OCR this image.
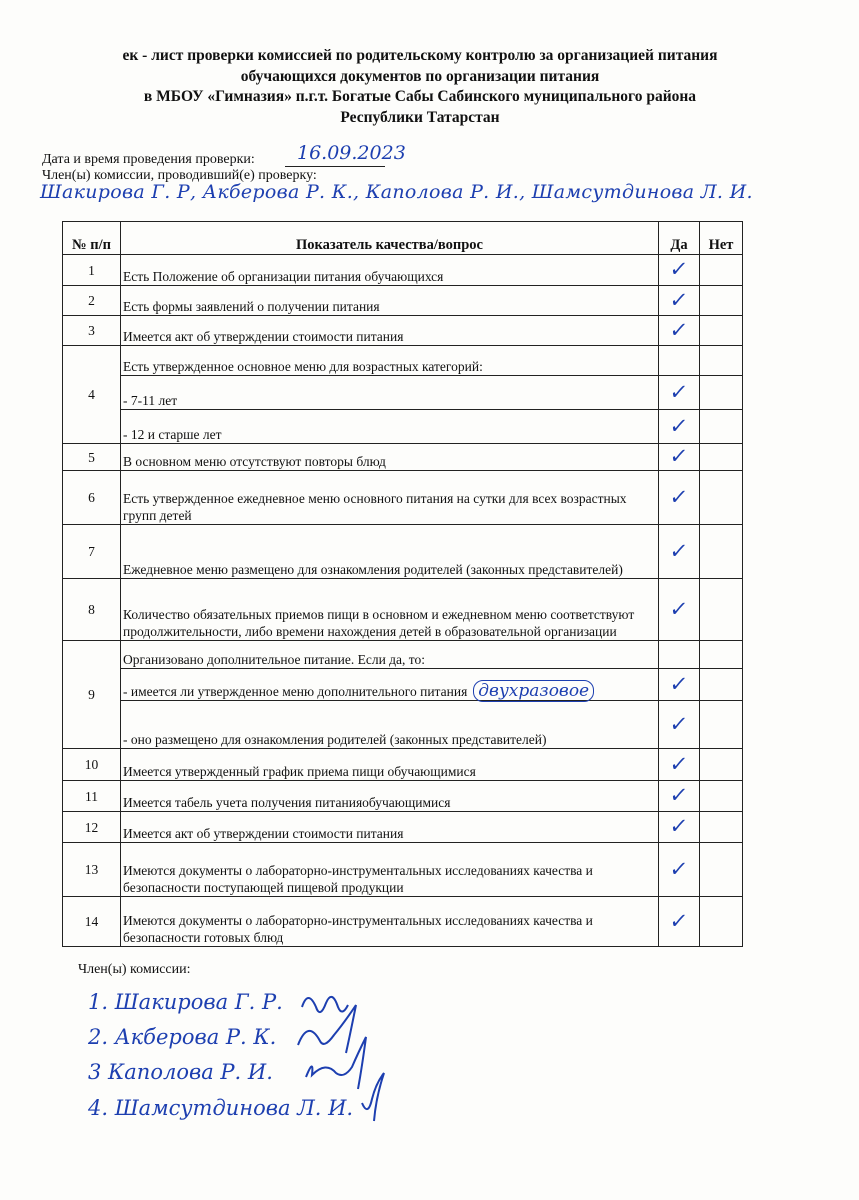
ек - лист проверки комиссией по родительскому контролю за организацией питания
обучающихся документов по организации питания
в МБОУ «Гимназия» п.г.т. Богатые Сабы Сабинского муниципального района
Республики Татарстан
Дата и время проведения проверки: 16.09.2023
Член(ы) комиссии, проводивший(е) проверку:
Шакирова Г. Р, Акберова Р. К., Каполова Р. И., Шамсутдинова Л. И.
№ п/п	Показатель качества/вопрос	Да	Нет
1	Есть Положение об организации питания обучающихся	✓	
2	Есть формы заявлений о получении питания	✓	
3	Имеется акт об утверждении стоимости питания	✓	
4	Есть утвержденное основное меню для возрастных категорий:		
	- 7-11 лет	✓	
	- 12 и старше лет	✓	
5	В основном меню отсутствуют повторы блюд	✓	
6	Есть утвержденное ежедневное меню основного питания на сутки для всех возрастных групп детей	✓	
7	Ежедневное меню размещено для ознакомления родителей (законных представителей)	✓	
8	Количество обязательных приемов пищи в основном и ежедневном меню соответствуют продолжительности, либо времени нахождения детей в образовательной организации	✓	
9	Организовано дополнительное питание. Если да, то:		
	- имеется ли утвержденное меню дополнительного питания двухразовое	✓	
	- оно размещено для ознакомления родителей (законных представителей)	✓	
10	Имеется утвержденный график приема пищи обучающимися	✓	
11	Имеется табель учета получения питанияобучающимися	✓	
12	Имеется акт об утверждении стоимости питания	✓	
13	Имеются документы о лабораторно-инструментальных исследованиях качества и безопасности поступающей пищевой продукции	✓	
14	Имеются документы о лабораторно-инструментальных исследованиях качества и безопасности готовых блюд	✓	
Член(ы) комиссии:
1. Шакирова Г. Р.
2. Акберова Р. К.
3 Каполова Р. И.
4. Шамсутдинова Л. И.
